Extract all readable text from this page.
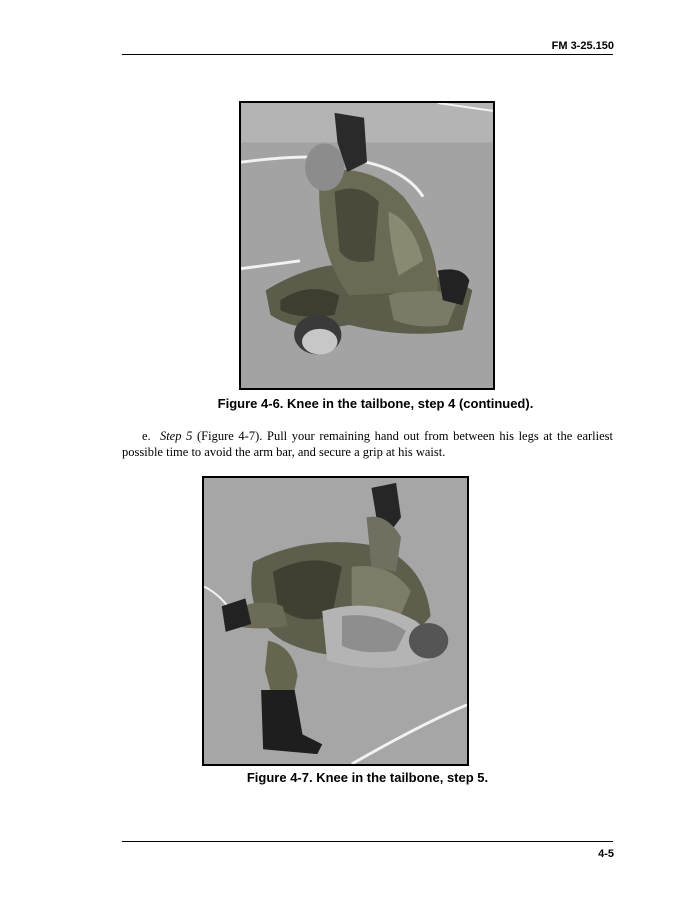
FM 3-25.150
Figure 4-6. Knee in the tailbone, step 4 (continued).
e. Step 5 (Figure 4-7). Pull your remaining hand out from between his legs at the earliest possible time to avoid the arm bar, and secure a grip at his waist.
Figure 4-7. Knee in the tailbone, step 5.
4-5
